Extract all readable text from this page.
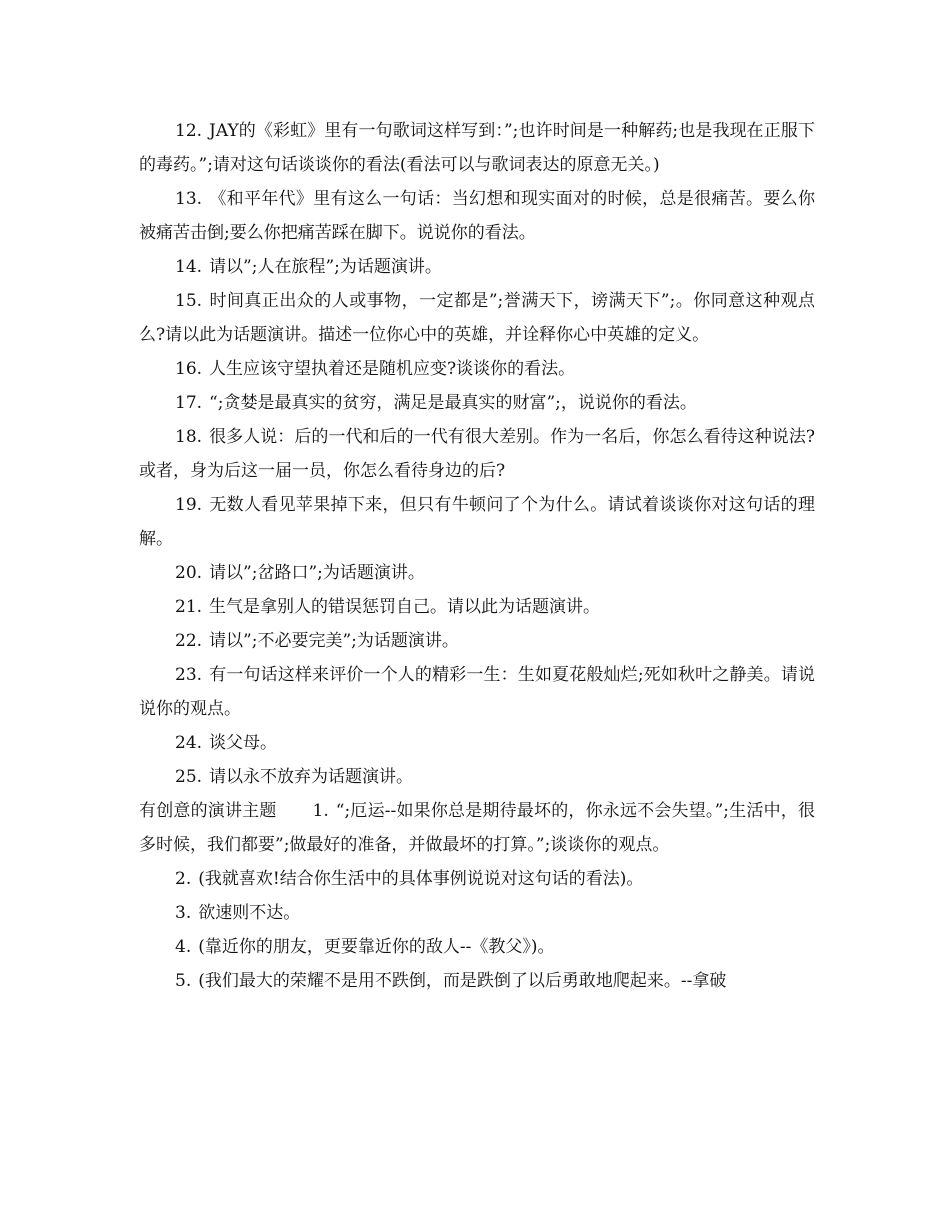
12. JAY的《彩虹》里有一句歌词这样写到：”;也许时间是一种解药;也是我现在正服下的毒药。”;请对这句话谈谈你的看法(看法可以与歌词表达的原意无关。)

13. 《和平年代》里有这么一句话：当幻想和现实面对的时候，总是很痛苦。要么你被痛苦击倒;要么你把痛苦踩在脚下。说说你的看法。

14. 请以”;人在旅程”;为话题演讲。

15. 时间真正出众的人或事物，一定都是”;誉满天下，谤满天下”;。你同意这种观点么?请以此为话题演讲。描述一位你心中的英雄，并诠释你心中英雄的定义。

16. 人生应该守望执着还是随机应变?谈谈你的看法。

17. “;贪婪是最真实的贫穷，满足是最真实的财富”;，说说你的看法。

18. 很多人说：后的一代和后的一代有很大差别。作为一名后，你怎么看待这种说法?或者，身为后这一届一员，你怎么看待身边的后?

19. 无数人看见苹果掉下来，但只有牛顿问了个为什么。请试着谈谈你对这句话的理解。

20. 请以”;岔路口”;为话题演讲。

21. 生气是拿别人的错误惩罚自己。请以此为话题演讲。

22. 请以”;不必要完美”;为话题演讲。

23. 有一句话这样来评价一个人的精彩一生：生如夏花般灿烂;死如秋叶之静美。请说说你的观点。

24. 谈父母。

25. 请以永不放弃为话题演讲。

有创意的演讲主题 1. “;厄运--如果你总是期待最坏的，你永远不会失望。”;生活中，很多时候，我们都要”;做最好的准备，并做最坏的打算。”;谈谈你的观点。

2. (我就喜欢!结合你生活中的具体事例说说对这句话的看法)。

3. 欲速则不达。

4. (靠近你的朋友，更要靠近你的敌人--《教父》)。

5. (我们最大的荣耀不是用不跌倒，而是跌倒了以后勇敢地爬起来。--拿破
